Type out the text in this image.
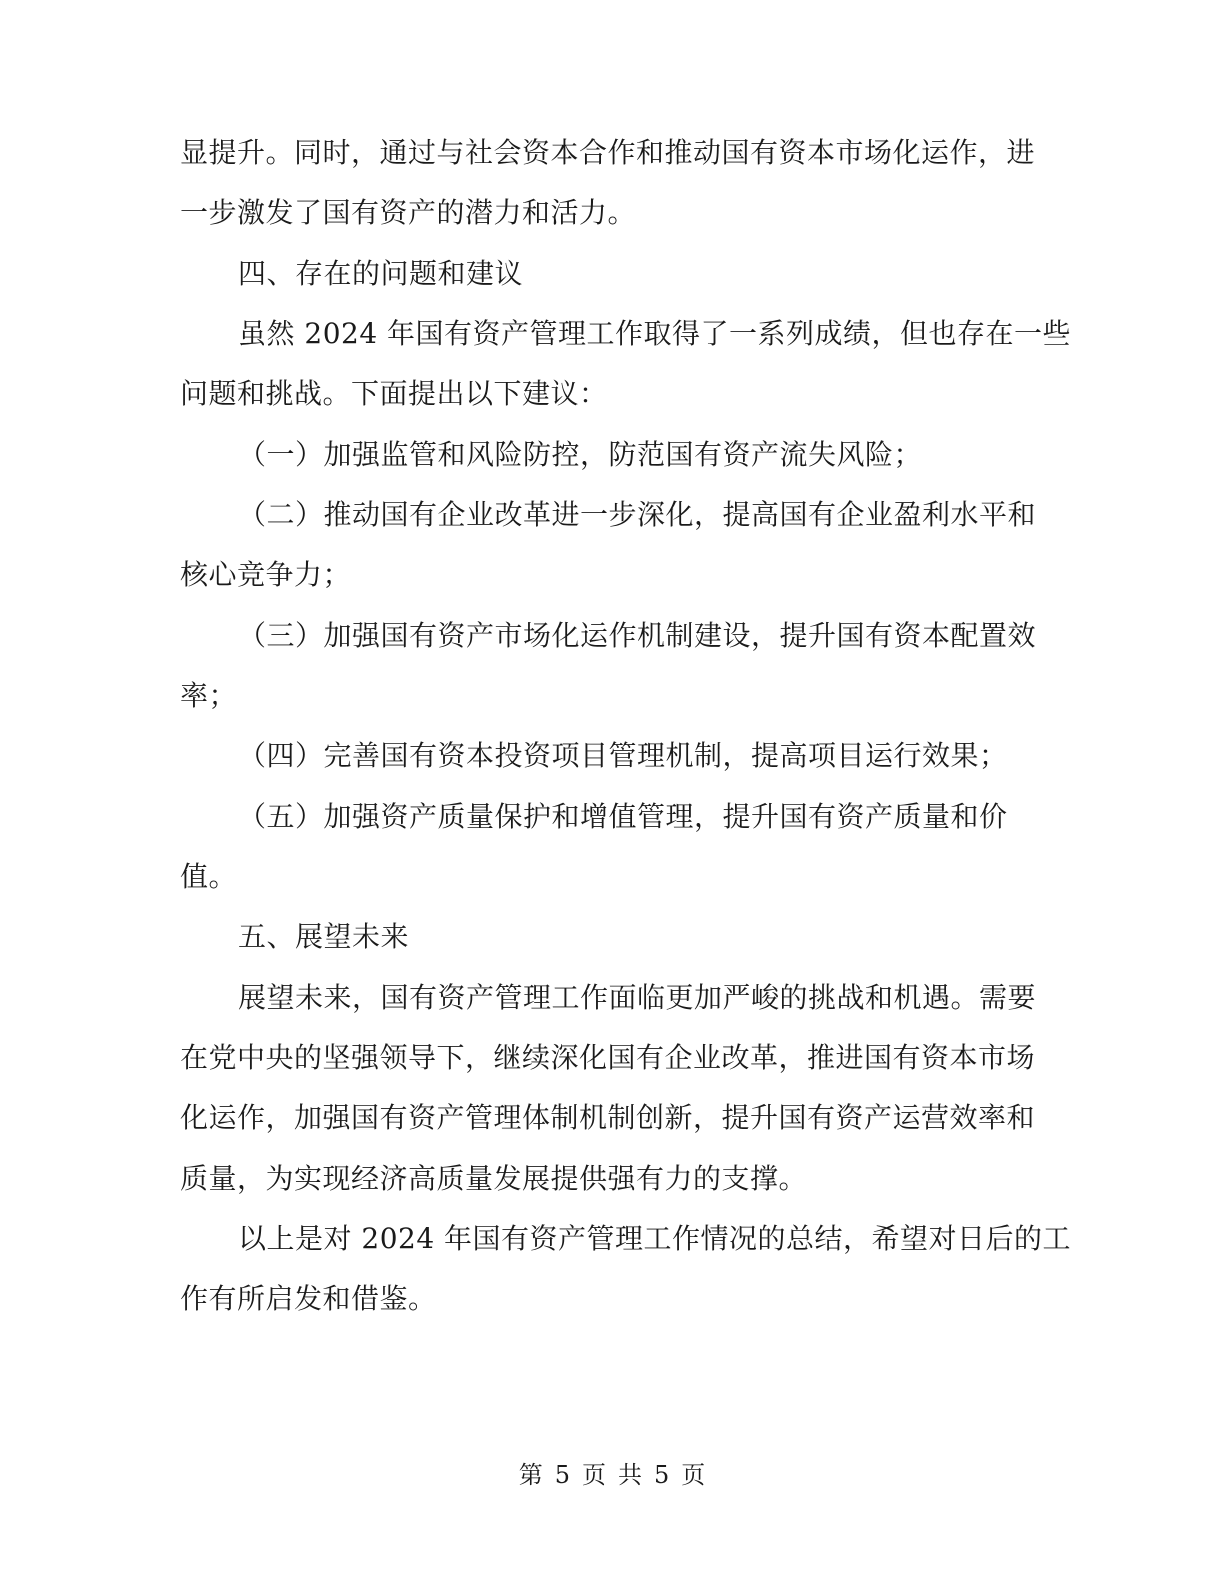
显提升。同时，通过与社会资本合作和推动国有资本市场化运作，进

一步激发了国有资产的潜力和活力。

四、存在的问题和建议

虽然 2024 年国有资产管理工作取得了一系列成绩，但也存在一些

问题和挑战。下面提出以下建议：

（一）加强监管和风险防控，防范国有资产流失风险；

（二）推动国有企业改革进一步深化，提高国有企业盈利水平和

核心竞争力；

（三）加强国有资产市场化运作机制建设，提升国有资本配置效

率；

（四）完善国有资本投资项目管理机制，提高项目运行效果；

（五）加强资产质量保护和增值管理，提升国有资产质量和价

值。

五、展望未来

展望未来，国有资产管理工作面临更加严峻的挑战和机遇。需要

在党中央的坚强领导下，继续深化国有企业改革，推进国有资本市场

化运作，加强国有资产管理体制机制创新，提升国有资产运营效率和

质量，为实现经济高质量发展提供强有力的支撑。

以上是对 2024 年国有资产管理工作情况的总结，希望对日后的工

作有所启发和借鉴。

第 5 页 共 5 页
